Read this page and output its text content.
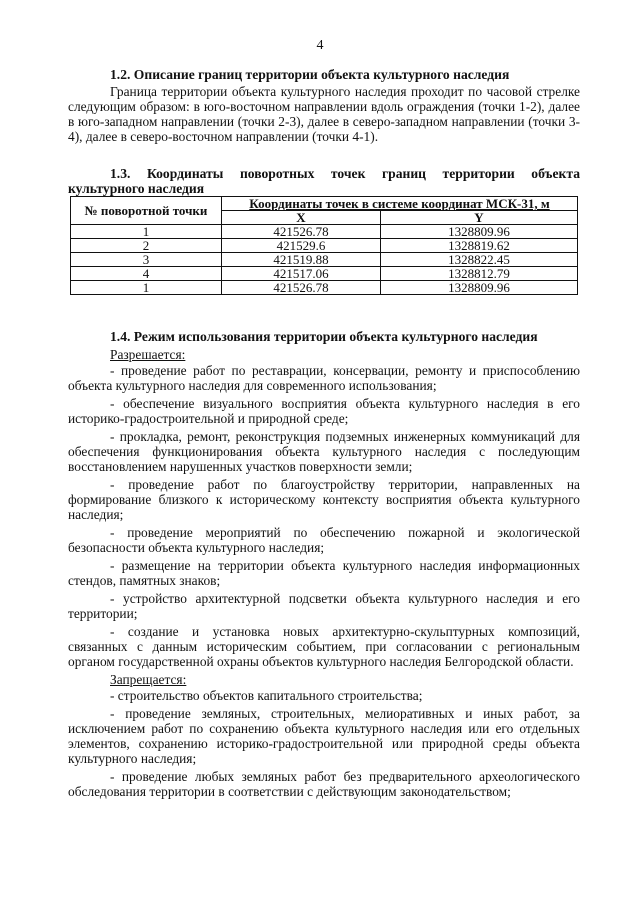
4
1.2. Описание границ территории объекта культурного наследия
Граница территории объекта культурного наследия проходит по часовой стрелке следующим образом: в юго-восточном направлении вдоль ограждения (точки 1-2), далее в юго-западном направлении (точки 2-3), далее в северо-западном направлении (точки 3-4), далее в северо-восточном направлении (точки 4-1).
1.3. Координаты поворотных точек границ территории объекта культурного наследия
№ поворотной точки	Координаты точек в системе координат МСК-31, м	
	X	Y
1	421526.78	1328809.96
2	421529.6	1328819.62
3	421519.88	1328822.45
4	421517.06	1328812.79
1	421526.78	1328809.96
1.4. Режим использования территории объекта культурного наследия
Разрешается:
- проведение работ по реставрации, консервации, ремонту и приспособлению объекта культурного наследия для современного использования;
- обеспечение визуального восприятия объекта культурного наследия в его историко-градостроительной и природной среде;
- прокладка, ремонт, реконструкция подземных инженерных коммуникаций для обеспечения функционирования объекта культурного наследия с последующим восстановлением нарушенных участков поверхности земли;
- проведение работ по благоустройству территории, направленных на формирование близкого к историческому контексту восприятия объекта культурного наследия;
- проведение мероприятий по обеспечению пожарной и экологической безопасности объекта культурного наследия;
- размещение на территории объекта культурного наследия информационных стендов, памятных знаков;
- устройство архитектурной подсветки объекта культурного наследия и его территории;
- создание и установка новых архитектурно-скульптурных композиций, связанных с данным историческим событием, при согласовании с региональным органом государственной охраны объектов культурного наследия Белгородской области.
Запрещается:
- строительство объектов капитального строительства;
- проведение земляных, строительных, мелиоративных и иных работ, за исключением работ по сохранению объекта культурного наследия или его отдельных элементов, сохранению историко-градостроительной или природной среды объекта культурного наследия;
- проведение любых земляных работ без предварительного археологического обследования территории в соответствии с действующим законодательством;
